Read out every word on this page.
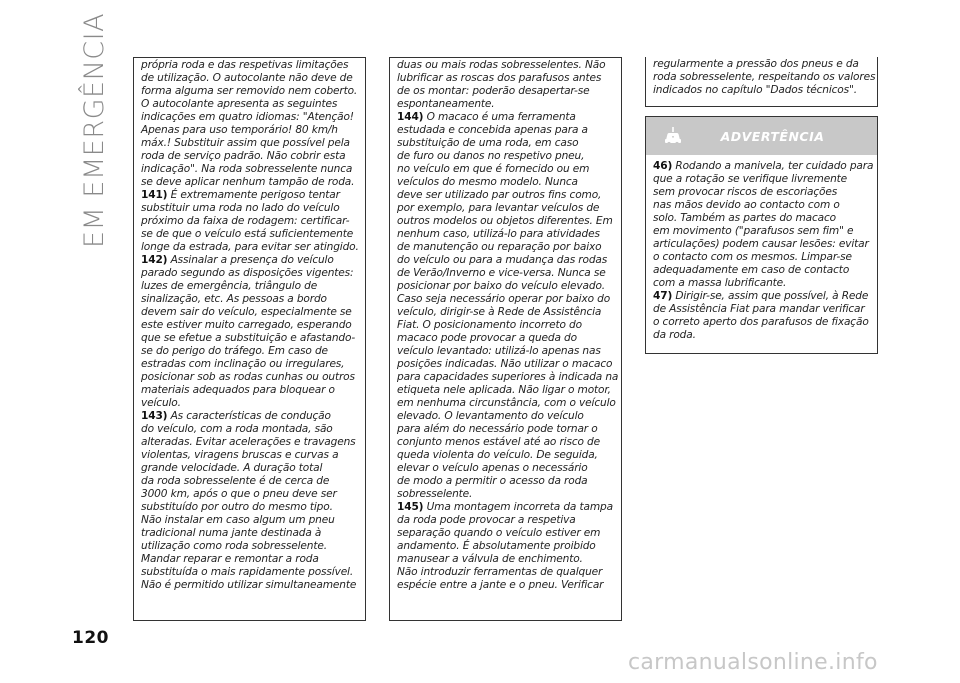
EM EMERGÊNCIA
120

própria roda e das respetivas limitações
de utilização. O autocolante não deve de
forma alguma ser removido nem coberto.
O autocolante apresenta as seguintes
indicações em quatro idiomas: "Atenção!
Apenas para uso temporário! 80 km/h
máx.! Substituir assim que possível pela
roda de serviço padrão. Não cobrir esta
indicação". Na roda sobresselente nunca
se deve aplicar nenhum tampão de roda.

141) É extremamente perigoso tentar
substituir uma roda no lado do veículo
próximo da faixa de rodagem: certificar-
se de que o veículo está suficientemente
longe da estrada, para evitar ser atingido.

142) Assinalar a presença do veículo
parado segundo as disposições vigentes:
luzes de emergência, triângulo de
sinalização, etc. As pessoas a bordo
devem sair do veículo, especialmente se
este estiver muito carregado, esperando
que se efetue a substituição e afastando-
se do perigo do tráfego. Em caso de
estradas com inclinação ou irregulares,
posicionar sob as rodas cunhas ou outros
materiais adequados para bloquear o
veículo.

143) As características de condução
do veículo, com a roda montada, são
alteradas. Evitar acelerações e travagens
violentas, viragens bruscas e curvas a
grande velocidade. A duração total
da roda sobresselente é de cerca de
3000 km, após o que o pneu deve ser
substituído por outro do mesmo tipo.
Não instalar em caso algum um pneu
tradicional numa jante destinada à
utilização como roda sobresselente.
Mandar reparar e remontar a roda
substituída o mais rapidamente possível.
Não é permitido utilizar simultaneamente

duas ou mais rodas sobresselentes. Não
lubrificar as roscas dos parafusos antes
de os montar: poderão desapertar-se
espontaneamente.

144) O macaco é uma ferramenta
estudada e concebida apenas para a
substituição de uma roda, em caso
de furo ou danos no respetivo pneu,
no veículo em que é fornecido ou em
veículos do mesmo modelo. Nunca
deve ser utilizado par outros fins como,
por exemplo, para levantar veículos de
outros modelos ou objetos diferentes. Em
nenhum caso, utilizá-lo para atividades
de manutenção ou reparação por baixo
do veículo ou para a mudança das rodas
de Verão/Inverno e vice-versa. Nunca se
posicionar por baixo do veículo elevado.
Caso seja necessário operar por baixo do
veículo, dirigir-se à Rede de Assistência
Fiat. O posicionamento incorreto do
macaco pode provocar a queda do
veículo levantado: utilizá-lo apenas nas
posições indicadas. Não utilizar o macaco
para capacidades superiores à indicada na
etiqueta nele aplicada. Não ligar o motor,
em nenhuma circunstância, com o veículo
elevado. O levantamento do veículo
para além do necessário pode tornar o
conjunto menos estável até ao risco de
queda violenta do veículo. De seguida,
elevar o veículo apenas o necessário
de modo a permitir o acesso da roda
sobresselente.

145) Uma montagem incorreta da tampa
da roda pode provocar a respetiva
separação quando o veículo estiver em
andamento. É absolutamente proibido
manusear a válvula de enchimento.
Não introduzir ferramentas de qualquer
espécie entre a jante e o pneu. Verificar

regularmente a pressão dos pneus e da
roda sobresselente, respeitando os valores
indicados no capítulo "Dados técnicos".

ADVERTÊNCIA

46) Rodando a manivela, ter cuidado para
que a rotação se verifique livremente
sem provocar riscos de escoriações
nas mãos devido ao contacto com o
solo. Também as partes do macaco
em movimento ("parafusos sem fim" e
articulações) podem causar lesões: evitar
o contacto com os mesmos. Limpar-se
adequadamente em caso de contacto
com a massa lubrificante.

47) Dirigir-se, assim que possível, à Rede
de Assistência Fiat para mandar verificar
o correto aperto dos parafusos de fixação
da roda.

carmanualsonline.info
